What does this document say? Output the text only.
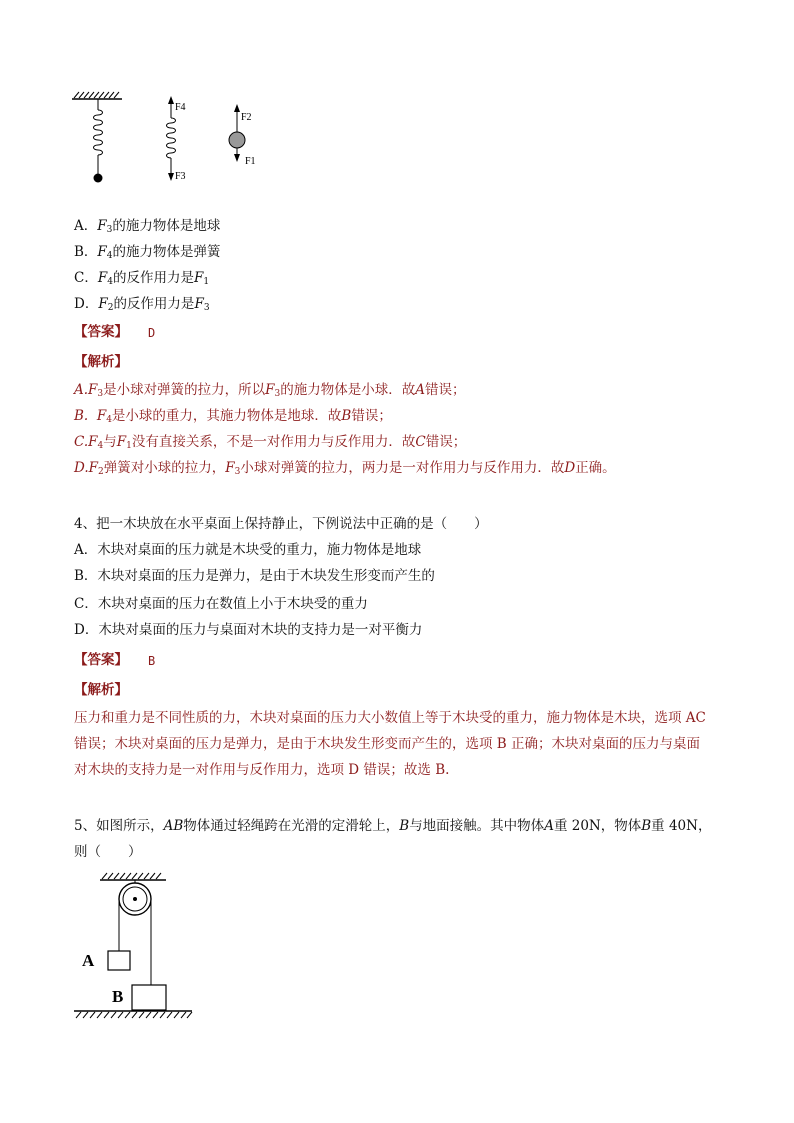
F4
F3
F2
F1
A．$F_3$的施力物体是地球
B．$F_4$的施力物体是弹簧
C．$F_4$的反作用力是$F_1$
D．$F_2$的反作用力是$F_3$
【答案】 D
【解析】
$A.F_3$是小球对弹簧的拉力，所以$F_3$的施力物体是小球．故A错误；
B. $F_4$是小球的重力，其施力物体是地球．故B错误；
$C.F_4$与$F_1$没有直接关系，不是一对作用力与反作用力．故C错误；
$D.F_2$弹簧对小球的拉力，$F_3$小球对弹簧的拉力，两力是一对作用力与反作用力．故D正确。
4、把一木块放在水平桌面上保持静止，下例说法中正确的是（　　）
A．木块对桌面的压力就是木块受的重力，施力物体是地球
B．木块对桌面的压力是弹力，是由于木块发生形变而产生的
C．木块对桌面的压力在数值上小于木块受的重力
D．木块对桌面的压力与桌面对木块的支持力是一对平衡力
【答案】 B
【解析】
压力和重力是不同性质的力，木块对桌面的压力大小数值上等于木块受的重力，施力物体是木块，选项 AC
错误；木块对桌面的压力是弹力，是由于木块发生形变而产生的，选项 B 正确；木块对桌面的压力与桌面
对木块的支持力是一对作用与反作用力，选项 D 错误；故选 B.
5、如图所示，AB物体通过轻绳跨在光滑的定滑轮上，B与地面接触。其中物体A重 20N，物体B重 40N，
则（　　）
A
B
